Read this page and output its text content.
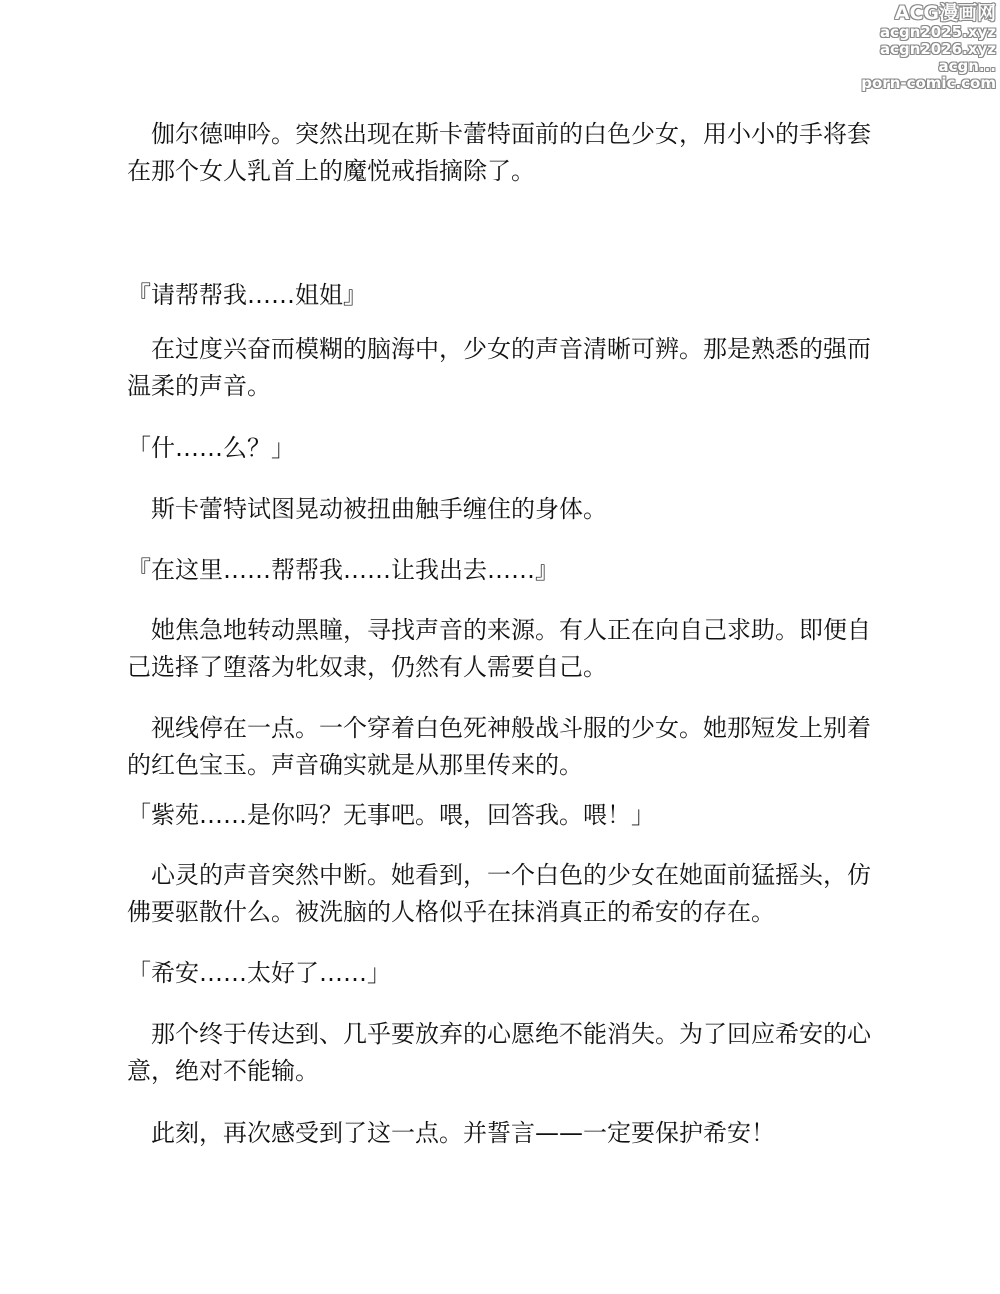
ACG漫画网
acgn2025.xyz
acgn2026.xyz
acgn...
porn-comic.com

　伽尔德呻吟。突然出现在斯卡蕾特面前的白色少女，用小小的手将套在那个女人乳首上的魔悦戒指摘除了。

『请帮帮我……姐姐』

　在过度兴奋而模糊的脑海中，少女的声音清晰可辨。那是熟悉的强而温柔的声音。

「什……么？」

　斯卡蕾特试图晃动被扭曲触手缠住的身体。

『在这里……帮帮我……让我出去……』

　她焦急地转动黑瞳，寻找声音的来源。有人正在向自己求助。即便自己选择了堕落为牝奴隶，仍然有人需要自己。

　视线停在一点。一个穿着白色死神般战斗服的少女。她那短发上别着的红色宝玉。声音确实就是从那里传来的。

「紫苑……是你吗？无事吧。喂，回答我。喂！」

　心灵的声音突然中断。她看到，一个白色的少女在她面前猛摇头，仿佛要驱散什么。被洗脑的人格似乎在抹消真正的希安的存在。

「希安……太好了……」

　那个终于传达到、几乎要放弃的心愿绝不能消失。为了回应希安的心意，绝对不能输。

　此刻，再次感受到了这一点。并誓言——一定要保护希安！
